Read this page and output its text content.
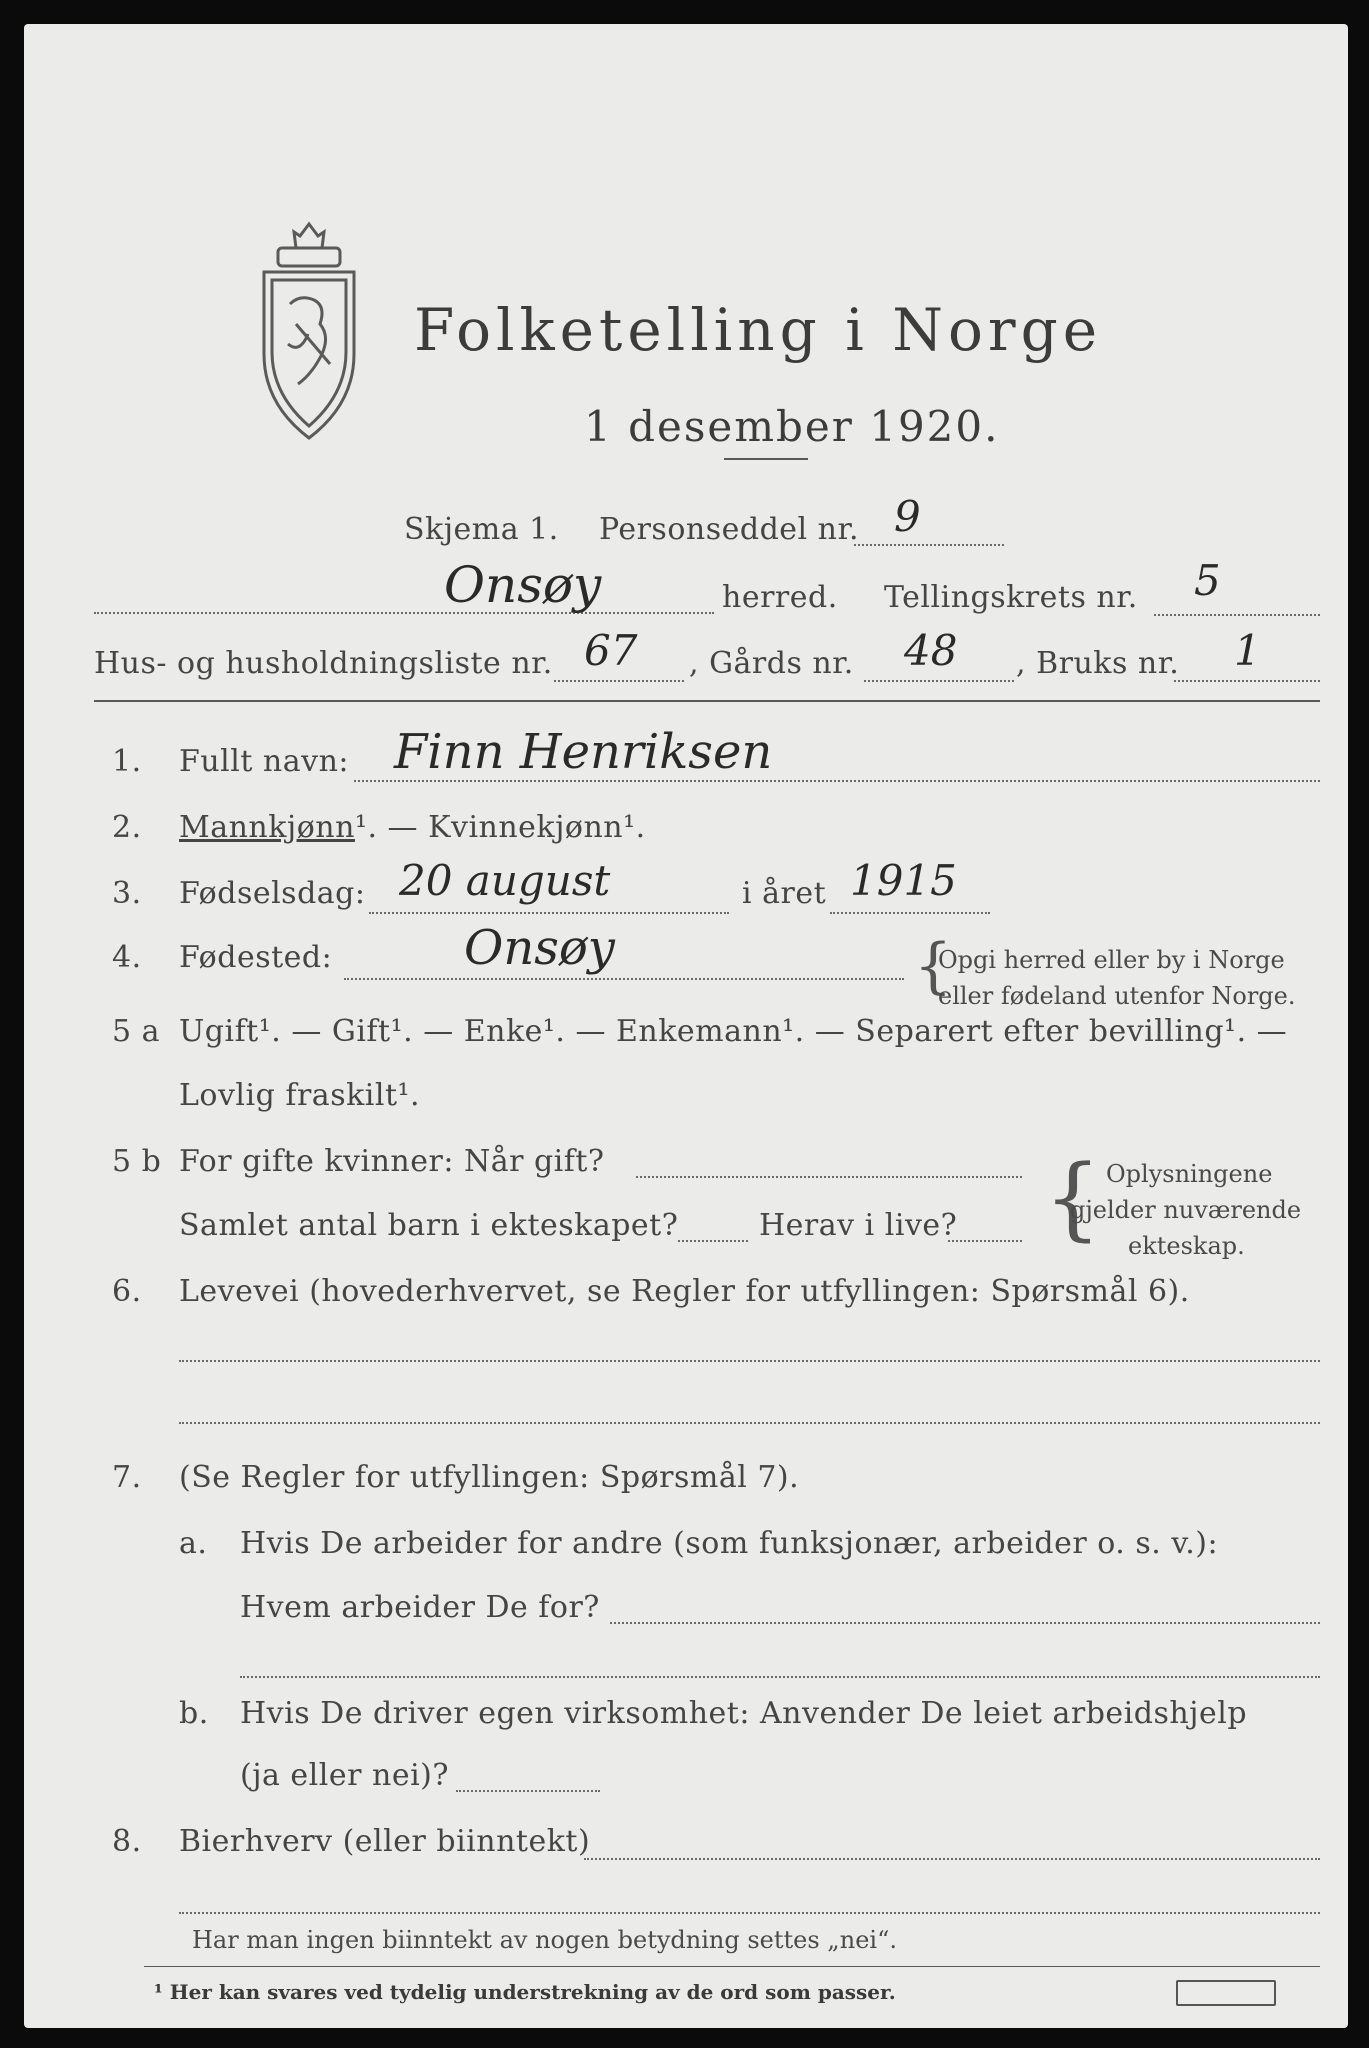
Folketelling i Norge
1 desember 1920.
Skjema 1. Personseddel nr. 9
Onsøy	herred. Tellingskrets nr. 5
Hus- og husholdningsliste nr. 67 , Gårds nr. 48 , Bruks nr. 1
1. Fullt navn: Finn Henriksen
2. Mannkjønn¹. — Kvinnekjønn¹.
3. Fødselsdag: 20 august	i året 1915
4. Fødested:	Onsøy	{
Opgi herred eller by i Norge
eller fødeland utenfor Norge.
5 a Ugift¹. — Gift¹. — Enke¹. — Enkemann¹. — Separert efter bevilling¹. —
Lovlig fraskilt¹.
5 b For gifte kvinner: Når gift?
Samlet antal barn i ekteskapet?	Herav i live? { Oplysningene
gjelder nuværende
ekteskap.
6. Levevei (hovederhvervet, se Regler for utfyllingen: Spørsmål 6).
7. (Se Regler for utfyllingen: Spørsmål 7).
a. Hvis De arbeider for andre (som funksjonær, arbeider o. s. v.):
Hvem arbeider De for?
b. Hvis De driver egen virksomhet: Anvender De leiet arbeidshjelp
(ja eller nei)?
8. Bierhverv (eller biinntekt)
Har man ingen biinntekt av nogen betydning settes „nei“.
¹ Her kan svares ved tydelig understrekning av de ord som passer.
